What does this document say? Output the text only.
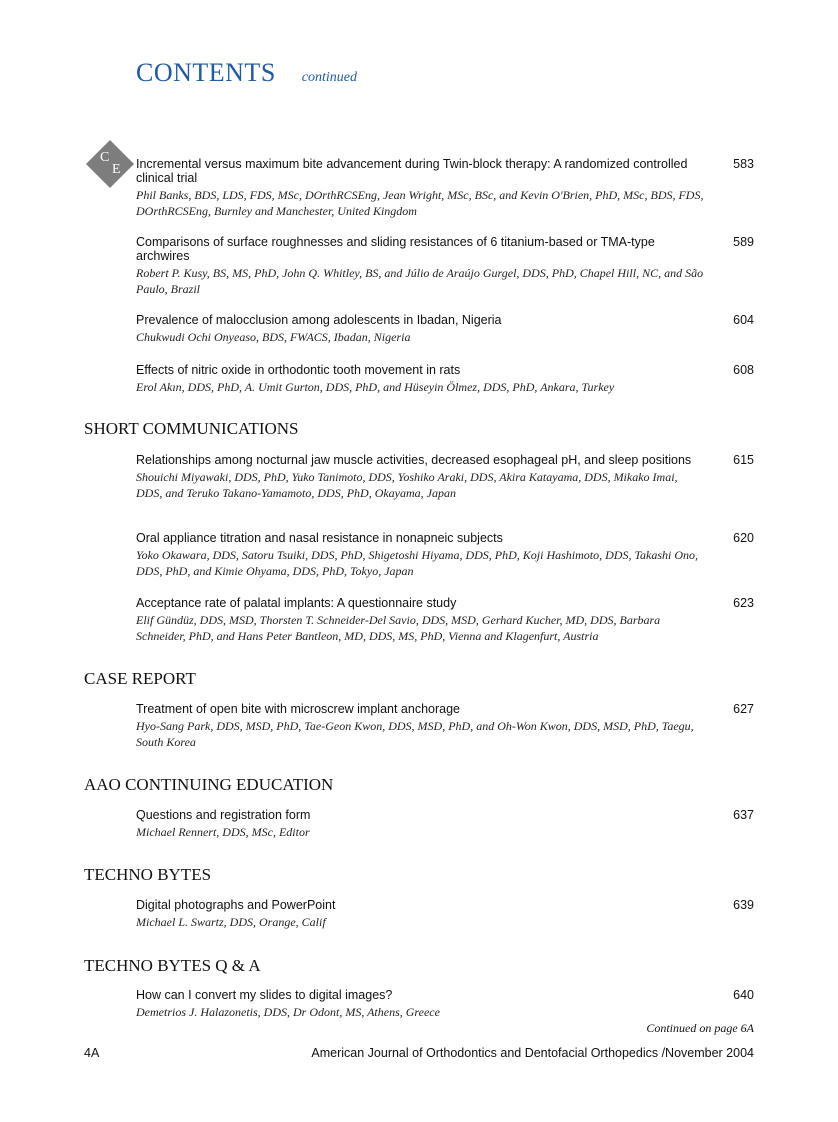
CONTENTS continued
C
E Incremental versus maximum bite advancement during Twin-block therapy: A randomized controlled clinical trial
Phil Banks, BDS, LDS, FDS, MSc, DOrthRCSEng, Jean Wright, MSc, BSc, and Kevin O'Brien, PhD, MSc, BDS, FDS, DOrthRCSEng, Burnley and Manchester, United Kingdom
583
Comparisons of surface roughnesses and sliding resistances of 6 titanium-based or TMA-type archwires
Robert P. Kusy, BS, MS, PhD, John Q. Whitley, BS, and Júlio de Araújo Gurgel, DDS, PhD, Chapel Hill, NC, and São Paulo, Brazil
589
Prevalence of malocclusion among adolescents in Ibadan, Nigeria
Chukwudi Ochi Onyeaso, BDS, FWACS, Ibadan, Nigeria
604
Effects of nitric oxide in orthodontic tooth movement in rats
Erol Akın, DDS, PhD, A. Umit Gurton, DDS, PhD, and Hüseyin Ölmez, DDS, PhD, Ankara, Turkey
608
SHORT COMMUNICATIONS
Relationships among nocturnal jaw muscle activities, decreased esophageal pH, and sleep positions
Shouichi Miyawaki, DDS, PhD, Yuko Tanimoto, DDS, Yoshiko Araki, DDS, Akira Katayama, DDS, Mikako Imai, DDS, and Teruko Takano-Yamamoto, DDS, PhD, Okayama, Japan
615
Oral appliance titration and nasal resistance in nonapneic subjects
Yoko Okawara, DDS, Satoru Tsuiki, DDS, PhD, Shigetoshi Hiyama, DDS, PhD, Koji Hashimoto, DDS, Takashi Ono, DDS, PhD, and Kimie Ohyama, DDS, PhD, Tokyo, Japan
620
Acceptance rate of palatal implants: A questionnaire study
Elif Gündüz, DDS, MSD, Thorsten T. Schneider-Del Savio, DDS, MSD, Gerhard Kucher, MD, DDS, Barbara Schneider, PhD, and Hans Peter Bantleon, MD, DDS, MS, PhD, Vienna and Klagenfurt, Austria
623
CASE REPORT
Treatment of open bite with microscrew implant anchorage
Hyo-Sang Park, DDS, MSD, PhD, Tae-Geon Kwon, DDS, MSD, PhD, and Oh-Won Kwon, DDS, MSD, PhD, Taegu, South Korea
627
AAO CONTINUING EDUCATION
Questions and registration form
Michael Rennert, DDS, MSc, Editor
637
TECHNO BYTES
Digital photographs and PowerPoint
Michael L. Swartz, DDS, Orange, Calif
639
TECHNO BYTES Q & A
How can I convert my slides to digital images?
Demetrios J. Halazonetis, DDS, Dr Odont, MS, Athens, Greece
640
Continued on page 6A
4A	American Journal of Orthodontics and Dentofacial Orthopedics /November 2004
